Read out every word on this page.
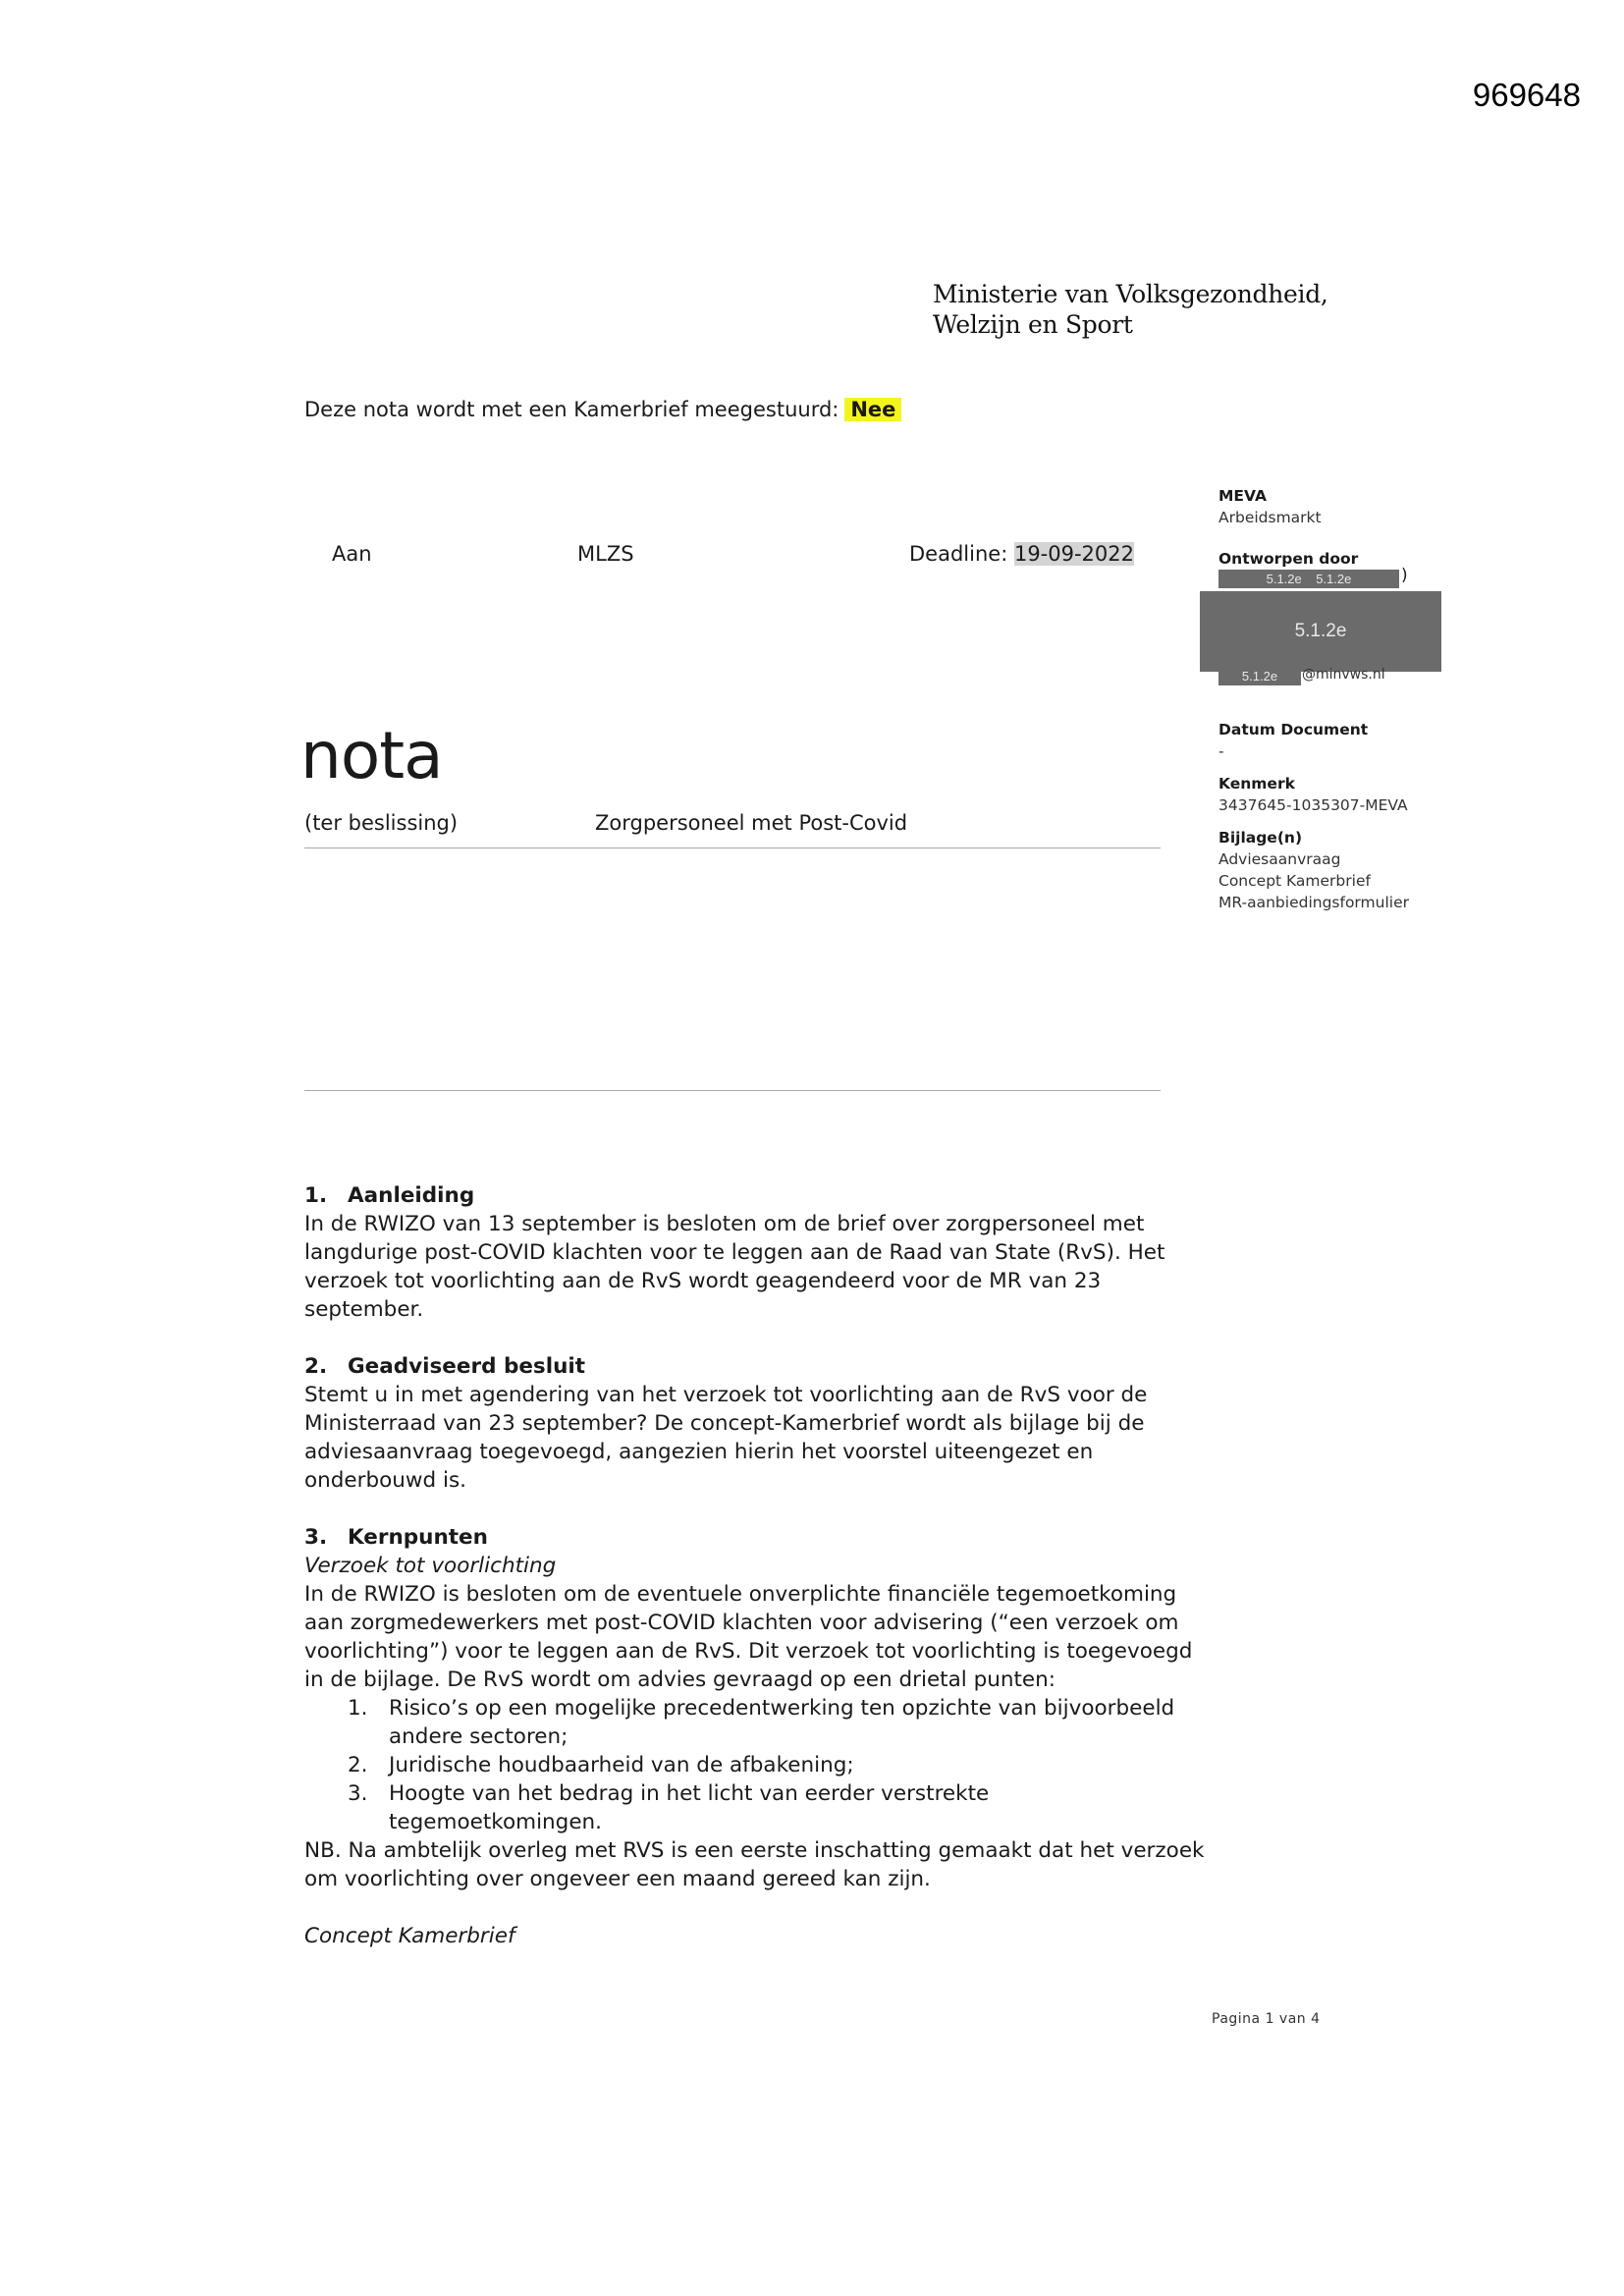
969648
Ministerie van Volksgezondheid,
Welzijn en Sport
Deze nota wordt met een Kamerbrief meegestuurd: Nee
Aan	MLZS	Deadline: 19-09-2022
nota
(ter beslissing)	Zorgpersoneel met Post-Covid
MEVA
Arbeidsmarkt
Ontworpen door
5.1.2e 5.1.2e	)
5.1.2e
5.1.2e	@minvws.nl
Datum Document
-
Kenmerk
3437645-1035307-MEVA
Bijlage(n)
Adviesaanvraag
Concept Kamerbrief
MR-aanbiedingsformulier

1. Aanleiding

In de RWIZO van 13 september is besloten om de brief over zorgpersoneel met langdurige post-COVID klachten voor te leggen aan de Raad van State (RvS). Het verzoek tot voorlichting aan de RvS wordt geagendeerd voor de MR van 23 september.

2. Geadviseerd besluit

Stemt u in met agendering van het verzoek tot voorlichting aan de RvS voor de Ministerraad van 23 september? De concept-Kamerbrief wordt als bijlage bij de adviesaanvraag toegevoegd, aangezien hierin het voorstel uiteengezet en onderbouwd is.

3. Kernpunten

Verzoek tot voorlichting

In de RWIZO is besloten om de eventuele onverplichte financiële tegemoetkoming aan zorgmedewerkers met post-COVID klachten voor advisering (“een verzoek om voorlichting”) voor te leggen aan de RvS. Dit verzoek tot voorlichting is toegevoegd in de bijlage. De RvS wordt om advies gevraagd op een drietal punten:

1. Risico’s op een mogelijke precedentwerking ten opzichte van bijvoorbeeld andere sectoren;
2. Juridische houdbaarheid van de afbakening;
3. Hoogte van het bedrag in het licht van eerder verstrekte tegemoetkomingen.

NB. Na ambtelijk overleg met RVS is een eerste inschatting gemaakt dat het verzoek om voorlichting over ongeveer een maand gereed kan zijn.

Concept Kamerbrief

Pagina 1 van 4
